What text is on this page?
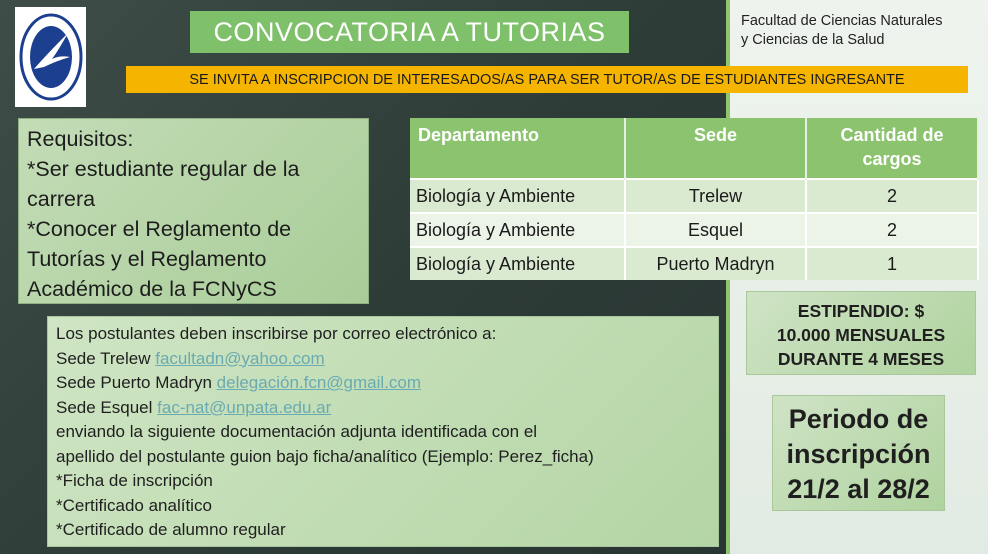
CONVOCATORIA A TUTORIAS	Facultad de Ciencias Naturales
y Ciencias de la Salud
SE INVITA A INSCRIPCION DE INTERESADOS/AS PARA SER TUTOR/AS DE ESTUDIANTES INGRESANTE
Requisitos:
*Ser estudiante regular de la
carrera
*Conocer el Reglamento de
Tutorías y el Reglamento
Académico de la FCNyCS
Departamento	Sede	Cantidad de
cargos

Biología y Ambiente	Trelew	2
Biología y Ambiente	Esquel	2
Biología y Ambiente	Puerto Madryn	1
Los postulantes deben inscribirse por correo electrónico a:
Sede Trelew facultadn@yahoo.com
Sede Puerto Madryn delegación.fcn@gmail.com
Sede Esquel fac-nat@unpata.edu.ar
enviando la siguiente documentación adjunta identificada con el
apellido del postulante guion bajo ficha/analítico (Ejemplo: Perez_ficha)
*Ficha de inscripción
*Certificado analítico
*Certificado de alumno regular
ESTIPENDIO: $
10.000 MENSUALES
DURANTE 4 MESES
Periodo de
inscripción
21/2 al 28/2
